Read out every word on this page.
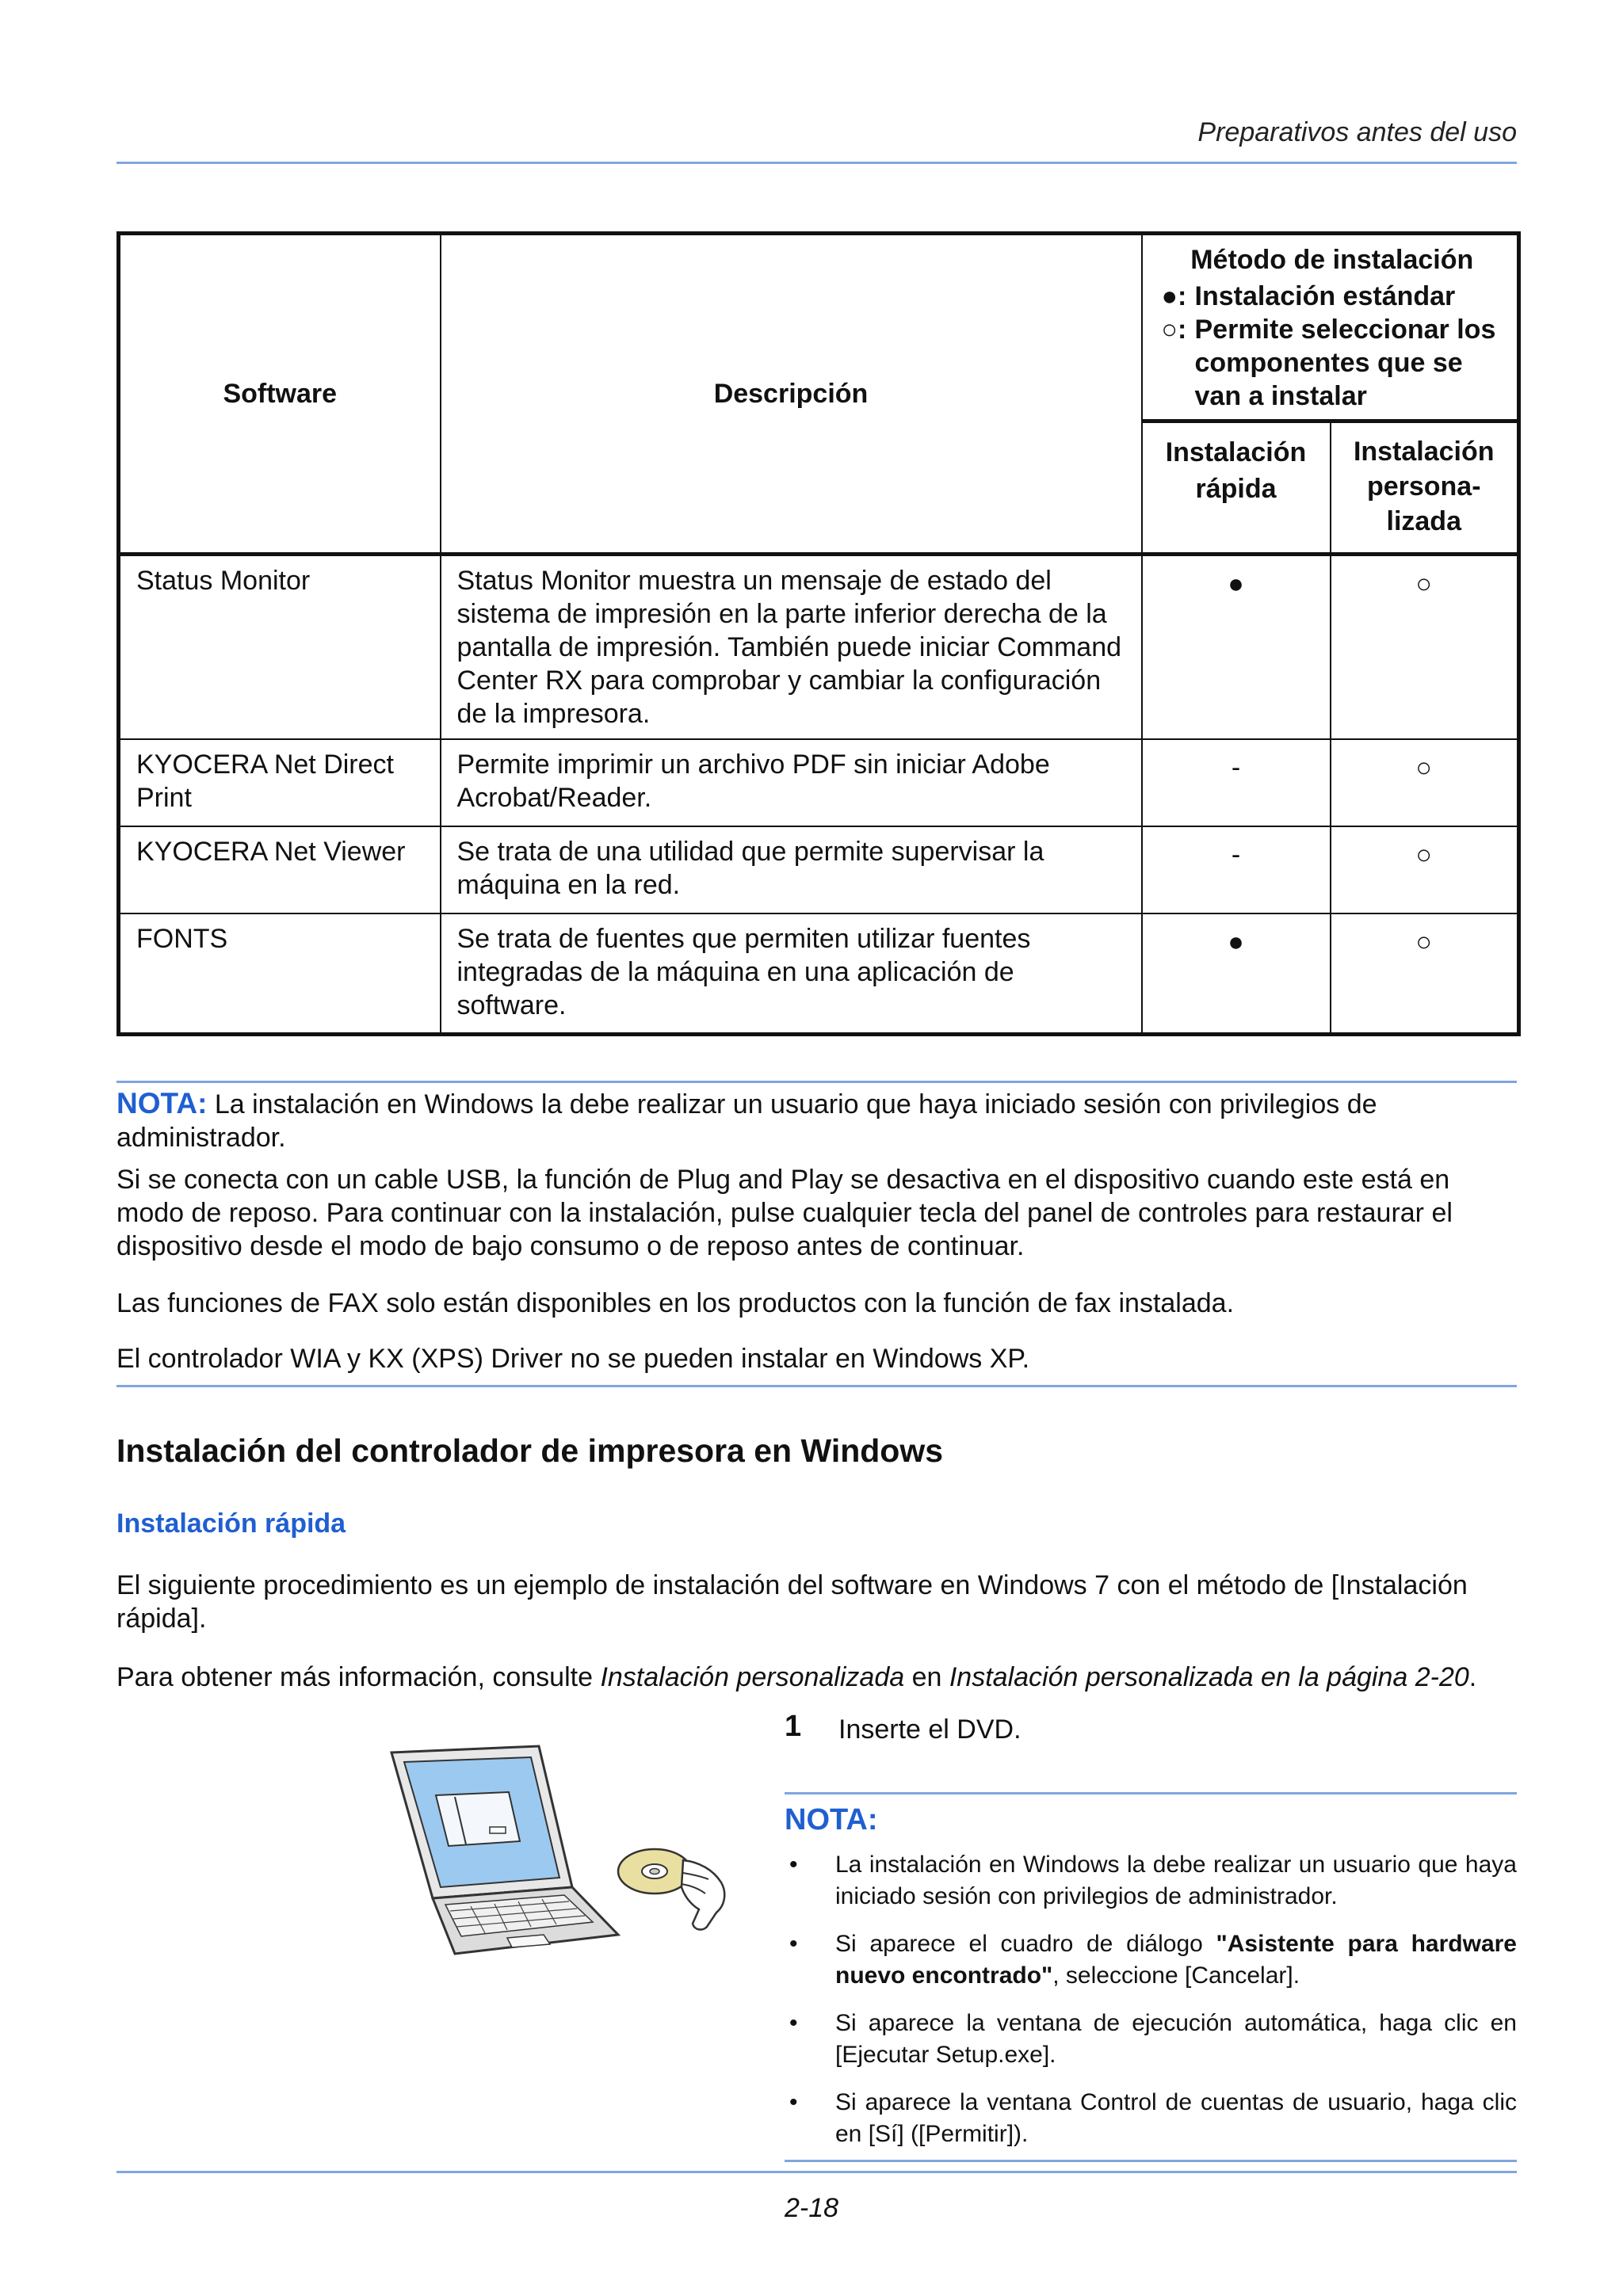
Preparativos antes del uso
Software	Descripción	Método de instalación
●: Instalación estándar
○: Permite seleccionar los componentes que se van a instalar	

		Instalación rápida	Instalación persona-lizada
Status Monitor	Status Monitor muestra un mensaje de estado del sistema de impresión en la parte inferior derecha de la pantalla de impresión. También puede iniciar Command Center RX para comprobar y cambiar la configuración de la impresora.	●	○
KYOCERA Net Direct Print	Permite imprimir un archivo PDF sin iniciar Adobe Acrobat/Reader.	-	○
KYOCERA Net Viewer	Se trata de una utilidad que permite supervisar la máquina en la red.	-	○
FONTS	Se trata de fuentes que permiten utilizar fuentes integradas de la máquina en una aplicación de software.	●	○
NOTA: La instalación en Windows la debe realizar un usuario que haya iniciado sesión con privilegios de administrador.
Si se conecta con un cable USB, la función de Plug and Play se desactiva en el dispositivo cuando este está en modo de reposo. Para continuar con la instalación, pulse cualquier tecla del panel de controles para restaurar el dispositivo desde el modo de bajo consumo o de reposo antes de continuar.
Las funciones de FAX solo están disponibles en los productos con la función de fax instalada.
El controlador WIA y KX (XPS) Driver no se pueden instalar en Windows XP.
Instalación del controlador de impresora en Windows
Instalación rápida
El siguiente procedimiento es un ejemplo de instalación del software en Windows 7 con el método de [Instalación rápida].
Para obtener más información, consulte Instalación personalizada en Instalación personalizada en la página 2-20.
1 Inserte el DVD.
NOTA:
•	La instalación en Windows la debe realizar un usuario que haya iniciado sesión con privilegios de administrador.
•	Si aparece el cuadro de diálogo "Asistente para hardware nuevo encontrado", seleccione [Cancelar].
•	Si aparece la ventana de ejecución automática, haga clic en [Ejecutar Setup.exe].
•	Si aparece la ventana Control de cuentas de usuario, haga clic en [Sí] ([Permitir]).
2-18
